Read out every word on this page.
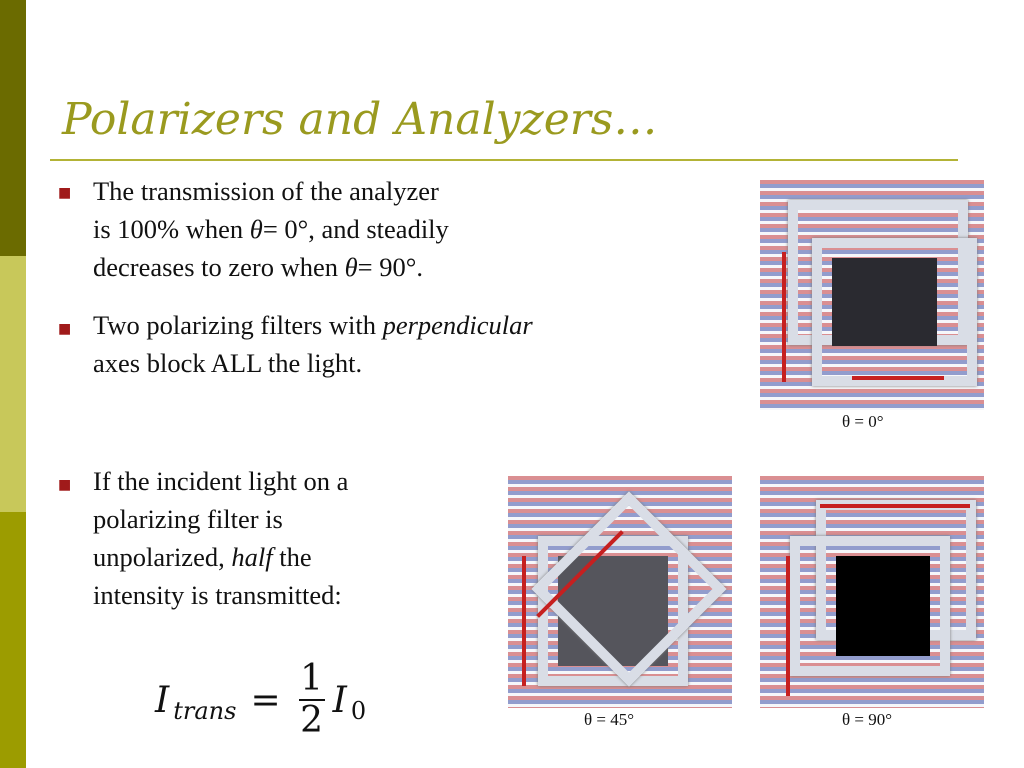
Polarizers and Analyzers…
■ The transmission of the analyzer
is 100% when θ= 0°, and steadily
decreases to zero when θ= 90°.
■ Two polarizing filters with perpendicular
axes block ALL the light.
■ If the incident light on a
polarizing filter is
unpolarized, half the
intensity is transmitted:
I trans = $\frac{1}{2}$ I 0
θ = 0°
θ = 45°	θ = 90°
